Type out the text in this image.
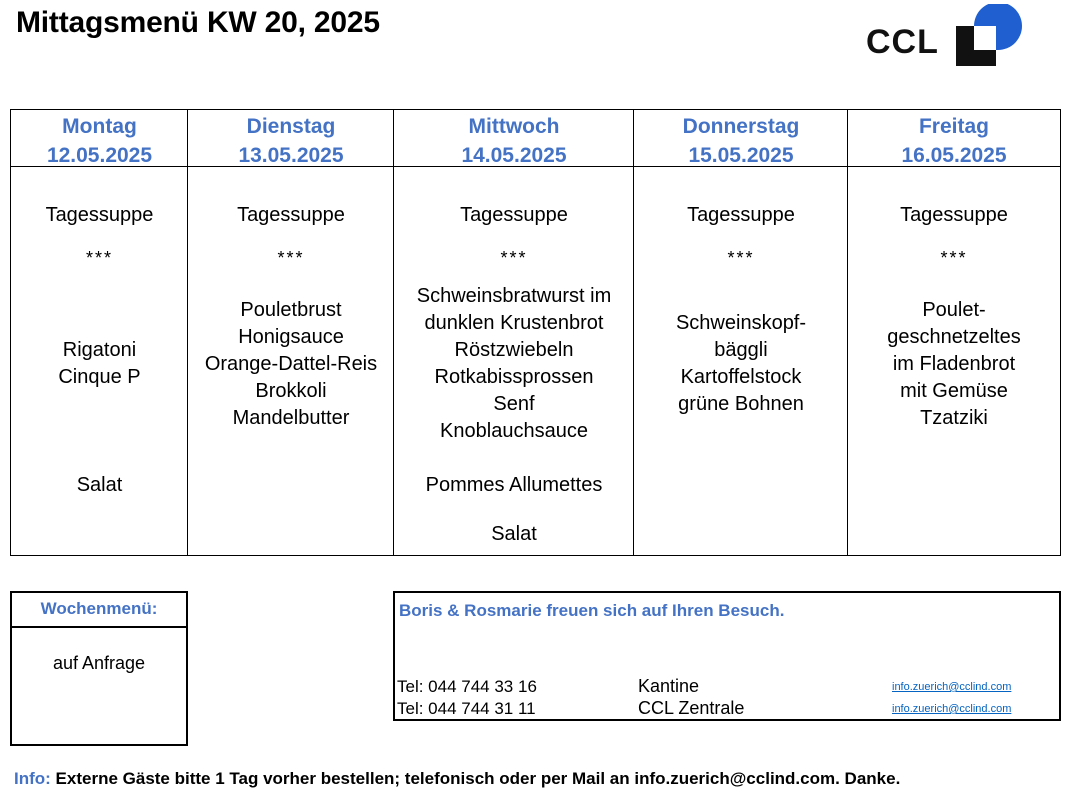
Mittagsmenü KW 20, 2025
CCL
Montag
12.05.2025
Tagessuppe
***
Rigatoni
Cinque P
Salat
Dienstag
13.05.2025
Tagessuppe
***
Pouletbrust
Honigsauce
Orange-Dattel-Reis
Brokkoli
Mandelbutter
Mittwoch
14.05.2025
Tagessuppe
***
Schweinsbratwurst im
dunklen Krustenbrot
Röstzwiebeln
Rotkabissprossen
Senf
Knoblauchsauce
Pommes Allumettes
Salat
Donnerstag
15.05.2025
Tagessuppe
***
Schweinskopf-
bäggli
Kartoffelstock
grüne Bohnen
Freitag
16.05.2025
Tagessuppe
***
Poulet-
geschnetzeltes
im Fladenbrot
mit Gemüse
Tzatziki
Wochenmenü:
auf Anfrage
Boris & Rosmarie freuen sich auf Ihren Besuch.
Tel: 044 744 33 16	Kantine	info.zuerich@cclind.com
Tel: 044 744 31 11	CCL Zentrale	info.zuerich@cclind.com
Info: Externe Gäste bitte 1 Tag vorher bestellen; telefonisch oder per Mail an info.zuerich@cclind.com. Danke.
